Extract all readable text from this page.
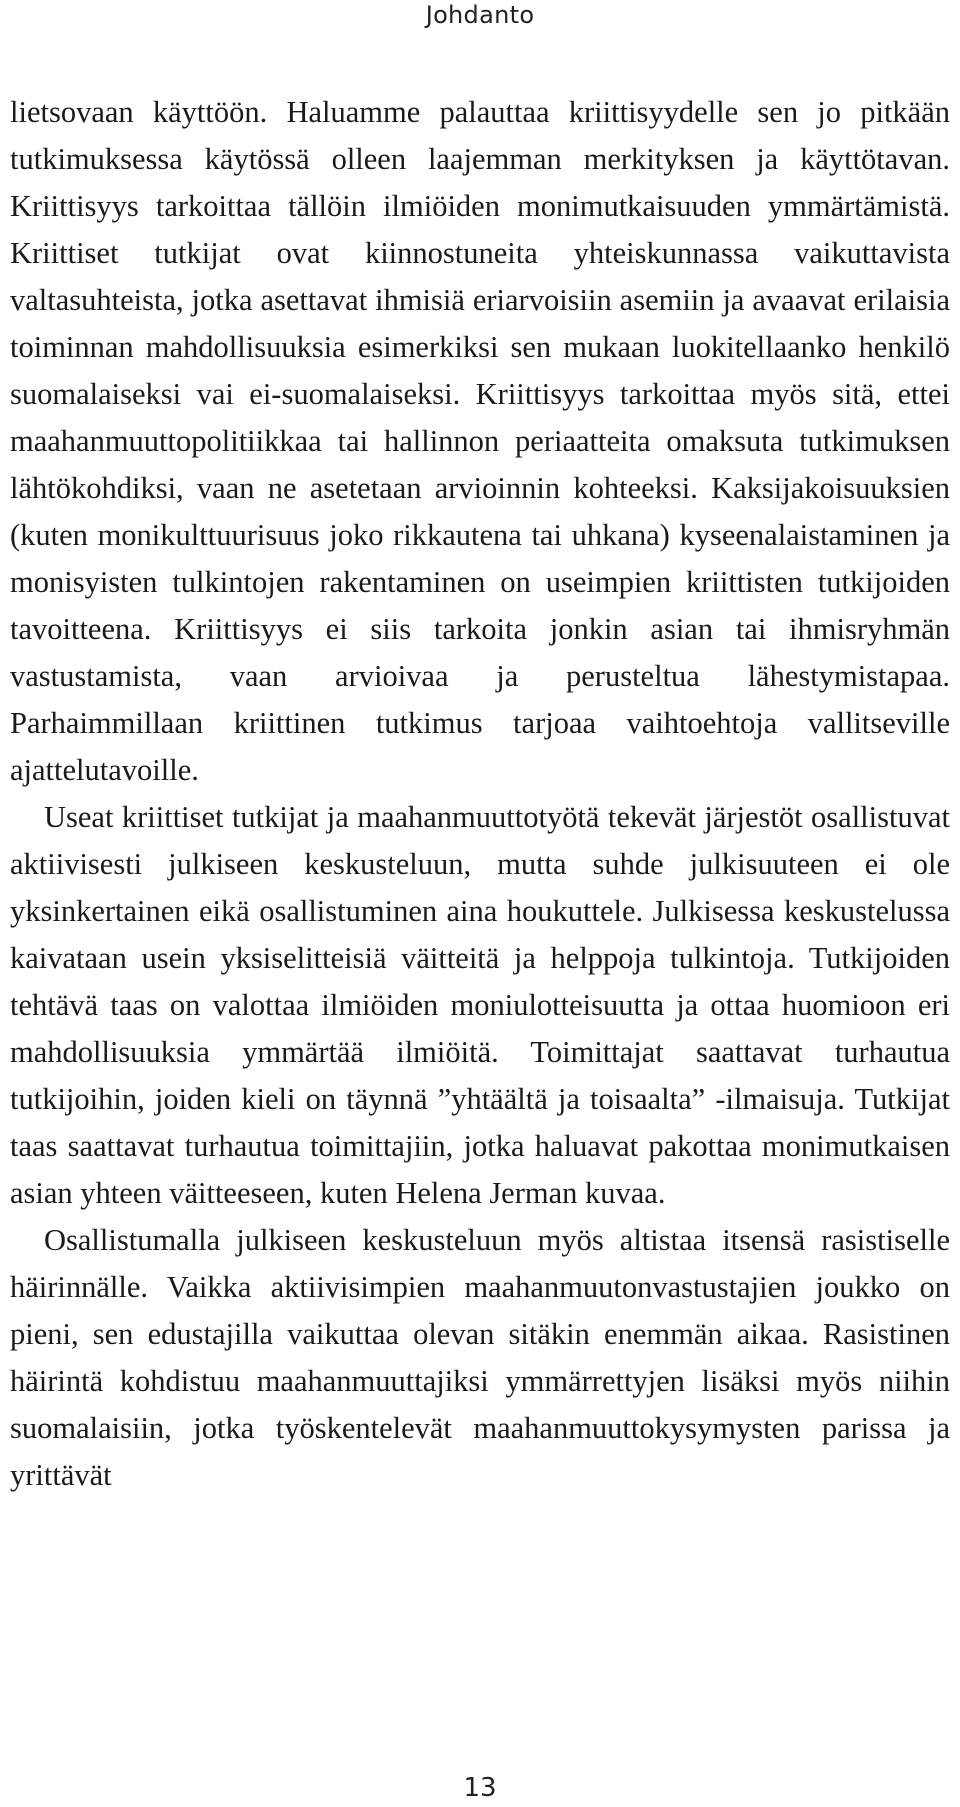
Johdanto

lietsovaan käyttöön. Haluamme palauttaa kriittisyydelle sen jo pitkään tutkimuksessa käytössä olleen laajemman merkityksen ja käyttötavan. Kriittisyys tarkoittaa tällöin ilmiöiden monimutkaisuuden ymmärtämistä. Kriittiset tutkijat ovat kiinnostuneita yhteiskunnassa vaikuttavista valtasuhteista, jotka asettavat ihmisiä eriarvoisiin asemiin ja avaavat erilaisia toiminnan mahdollisuuksia esimerkiksi sen mukaan luokitellaanko henkilö suomalaiseksi vai ei-suomalaiseksi. Kriittisyys tarkoittaa myös sitä, ettei maahanmuuttopolitiikkaa tai hallinnon periaatteita omaksuta tutkimuksen lähtökohdiksi, vaan ne asetetaan arvioinnin kohteeksi. Kaksijakoisuuksien (kuten monikulttuurisuus joko rikkautena tai uhkana) kyseenalaistaminen ja monisyisten tulkintojen rakentaminen on useimpien kriittisten tutkijoiden tavoitteena. Kriittisyys ei siis tarkoita jonkin asian tai ihmisryhmän vastustamista, vaan arvioivaa ja perusteltua lähestymistapaa. Parhaimmillaan kriittinen tutkimus tarjoaa vaihtoehtoja vallitseville ajattelutavoille.

Useat kriittiset tutkijat ja maahanmuuttotyötä tekevät järjestöt osallistuvat aktiivisesti julkiseen keskusteluun, mutta suhde julkisuuteen ei ole yksinkertainen eikä osallistuminen aina houkuttele. Julkisessa keskustelussa kaivataan usein yksiselitteisiä väitteitä ja helppoja tulkintoja. Tutkijoiden tehtävä taas on valottaa ilmiöiden moniulotteisuutta ja ottaa huomioon eri mahdollisuuksia ymmärtää ilmiöitä. Toimittajat saattavat turhautua tutkijoihin, joiden kieli on täynnä ”yhtäältä ja toisaalta” -ilmaisuja. Tutkijat taas saattavat turhautua toimittajiin, jotka haluavat pakottaa monimutkaisen asian yhteen väitteeseen, kuten Helena Jerman kuvaa.

Osallistumalla julkiseen keskusteluun myös altistaa itsensä rasistiselle häirinnälle. Vaikka aktiivisimpien maahanmuutonvastustajien joukko on pieni, sen edustajilla vaikuttaa olevan sitäkin enemmän aikaa. Rasistinen häirintä kohdistuu maahanmuuttajiksi ymmärrettyjen lisäksi myös niihin suomalaisiin, jotka työskentelevät maahanmuuttokysymysten parissa ja yrittävät

13
